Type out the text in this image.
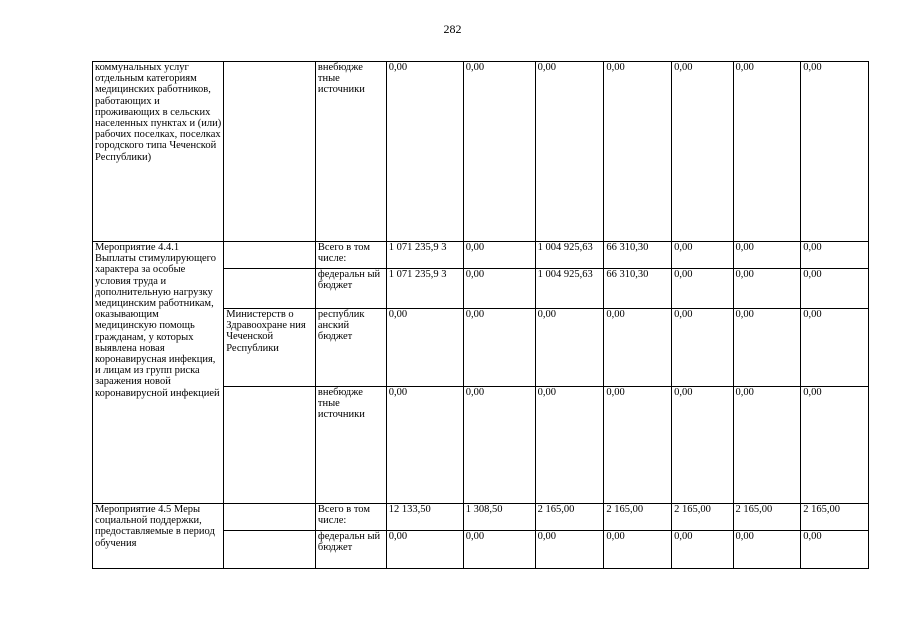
282
коммунальных услуг отдельным категориям медицинских работников, работающих и проживающих в сельских населенных пунктах и (или) рабочих поселках, поселках городского типа Чеченской Республики)		внебюдже тные источники	0,00	0,00	0,00	0,00	0,00	0,00	0,00
Мероприятие 4.4.1 Выплаты стимулирующего характера за особые условия труда и дополнительную нагрузку медицинским работникам, оказывающим медицинскую помощь гражданам, у которых выявлена новая коронавирусная инфекция, и лицам из групп риска заражения новой коронавирусной инфекцией		Всего в том числе:	1 071 235,9 3	0,00	1 004 925,63	66 310,30	0,00	0,00	0,00
		федеральн ый бюджет	1 071 235,9 3	0,00	1 004 925,63	66 310,30	0,00	0,00	0,00
	Министерств о Здравоохране ния Чеченской Республики	республик анский бюджет	0,00	0,00	0,00	0,00	0,00	0,00	0,00
		внебюдже тные источники	0,00	0,00	0,00	0,00	0,00	0,00	0,00
Мероприятие 4.5 Меры социальной поддержки, предоставляемые в период обучения		Всего в том числе:	12 133,50	1 308,50	2 165,00	2 165,00	2 165,00	2 165,00	2 165,00
		федеральн ый бюджет	0,00	0,00	0,00	0,00	0,00	0,00	0,00
